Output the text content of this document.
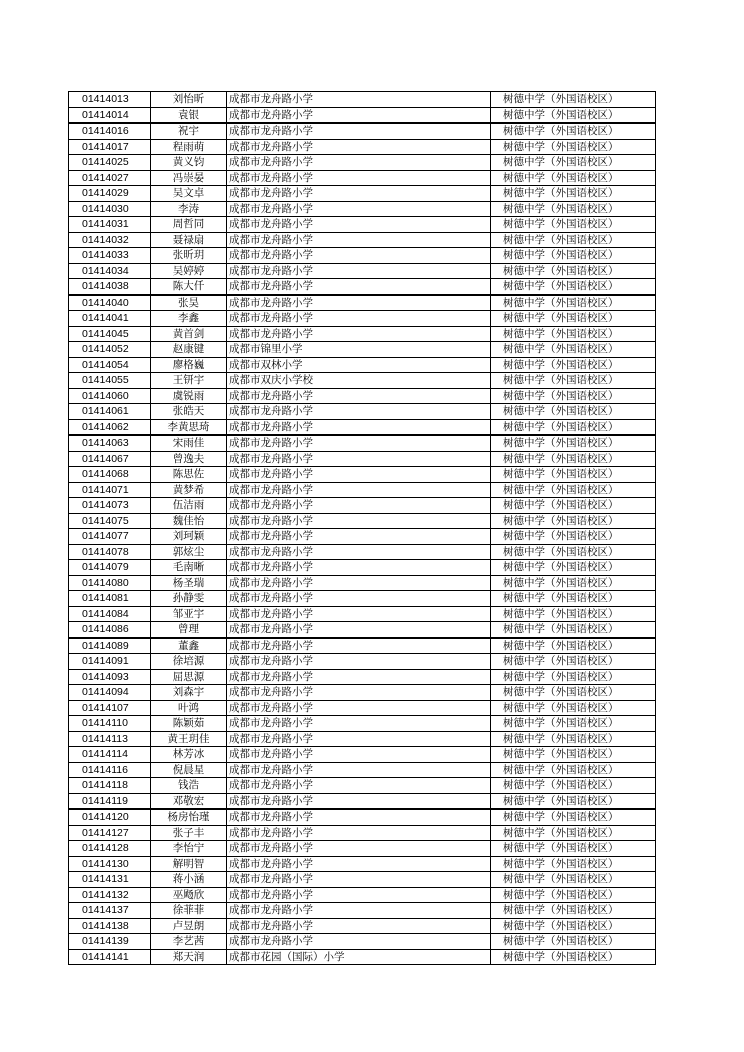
01414013	刘怡昕	成都市龙舟路小学	树德中学（外国语校区）
01414014	袁银	成都市龙舟路小学	树德中学（外国语校区）
01414016	祝宇	成都市龙舟路小学	树德中学（外国语校区）
01414017	程雨萌	成都市龙舟路小学	树德中学（外国语校区）
01414025	黄义钧	成都市龙舟路小学	树德中学（外国语校区）
01414027	冯崇晏	成都市龙舟路小学	树德中学（外国语校区）
01414029	吴文卓	成都市龙舟路小学	树德中学（外国语校区）
01414030	李涛	成都市龙舟路小学	树德中学（外国语校区）
01414031	周哲同	成都市龙舟路小学	树德中学（外国语校区）
01414032	聂禄扇	成都市龙舟路小学	树德中学（外国语校区）
01414033	张昕玥	成都市龙舟路小学	树德中学（外国语校区）
01414034	吴婷婷	成都市龙舟路小学	树德中学（外国语校区）
01414038	陈大仟	成都市龙舟路小学	树德中学（外国语校区）
01414040	张昊	成都市龙舟路小学	树德中学（外国语校区）
01414041	李鑫	成都市龙舟路小学	树德中学（外国语校区）
01414045	黄首剑	成都市龙舟路小学	树德中学（外国语校区）
01414052	赵康键	成都市锦里小学	树德中学（外国语校区）
01414054	廖格巍	成都市双林小学	树德中学（外国语校区）
01414055	王钘宇	成都市双庆小学校	树德中学（外国语校区）
01414060	虞锐雨	成都市龙舟路小学	树德中学（外国语校区）
01414061	张皓天	成都市龙舟路小学	树德中学（外国语校区）
01414062	李黄思琦	成都市龙舟路小学	树德中学（外国语校区）
01414063	宋雨佳	成都市龙舟路小学	树德中学（外国语校区）
01414067	曾逸夫	成都市龙舟路小学	树德中学（外国语校区）
01414068	陈思佐	成都市龙舟路小学	树德中学（外国语校区）
01414071	黄梦希	成都市龙舟路小学	树德中学（外国语校区）
01414073	伍洁雨	成都市龙舟路小学	树德中学（外国语校区）
01414075	魏佳怡	成都市龙舟路小学	树德中学（外国语校区）
01414077	刘珂颖	成都市龙舟路小学	树德中学（外国语校区）
01414078	郭炫尘	成都市龙舟路小学	树德中学（外国语校区）
01414079	毛南晰	成都市龙舟路小学	树德中学（外国语校区）
01414080	杨圣瑞	成都市龙舟路小学	树德中学（外国语校区）
01414081	孙静雯	成都市龙舟路小学	树德中学（外国语校区）
01414084	邹亚宇	成都市龙舟路小学	树德中学（外国语校区）
01414086	曾理	成都市龙舟路小学	树德中学（外国语校区）
01414089	董鑫	成都市龙舟路小学	树德中学（外国语校区）
01414091	徐培源	成都市龙舟路小学	树德中学（外国语校区）
01414093	屈思源	成都市龙舟路小学	树德中学（外国语校区）
01414094	刘森宇	成都市龙舟路小学	树德中学（外国语校区）
01414107	叶鸿	成都市龙舟路小学	树德中学（外国语校区）
01414110	陈颖茹	成都市龙舟路小学	树德中学（外国语校区）
01414113	黄王玥佳	成都市龙舟路小学	树德中学（外国语校区）
01414114	林芳冰	成都市龙舟路小学	树德中学（外国语校区）
01414116	倪晨星	成都市龙舟路小学	树德中学（外国语校区）
01414118	钱浩	成都市龙舟路小学	树德中学（外国语校区）
01414119	邓敬宏	成都市龙舟路小学	树德中学（外国语校区）
01414120	杨房怡瑾	成都市龙舟路小学	树德中学（外国语校区）
01414127	张子丰	成都市龙舟路小学	树德中学（外国语校区）
01414128	李怡宁	成都市龙舟路小学	树德中学（外国语校区）
01414130	解明智	成都市龙舟路小学	树德中学（外国语校区）
01414131	蒋小涵	成都市龙舟路小学	树德中学（外国语校区）
01414132	巫飏欣	成都市龙舟路小学	树德中学（外国语校区）
01414137	徐菲菲	成都市龙舟路小学	树德中学（外国语校区）
01414138	卢昱朗	成都市龙舟路小学	树德中学（外国语校区）
01414139	李艺茜	成都市龙舟路小学	树德中学（外国语校区）
01414141	郑天润	成都市花园（国际）小学	树德中学（外国语校区）
